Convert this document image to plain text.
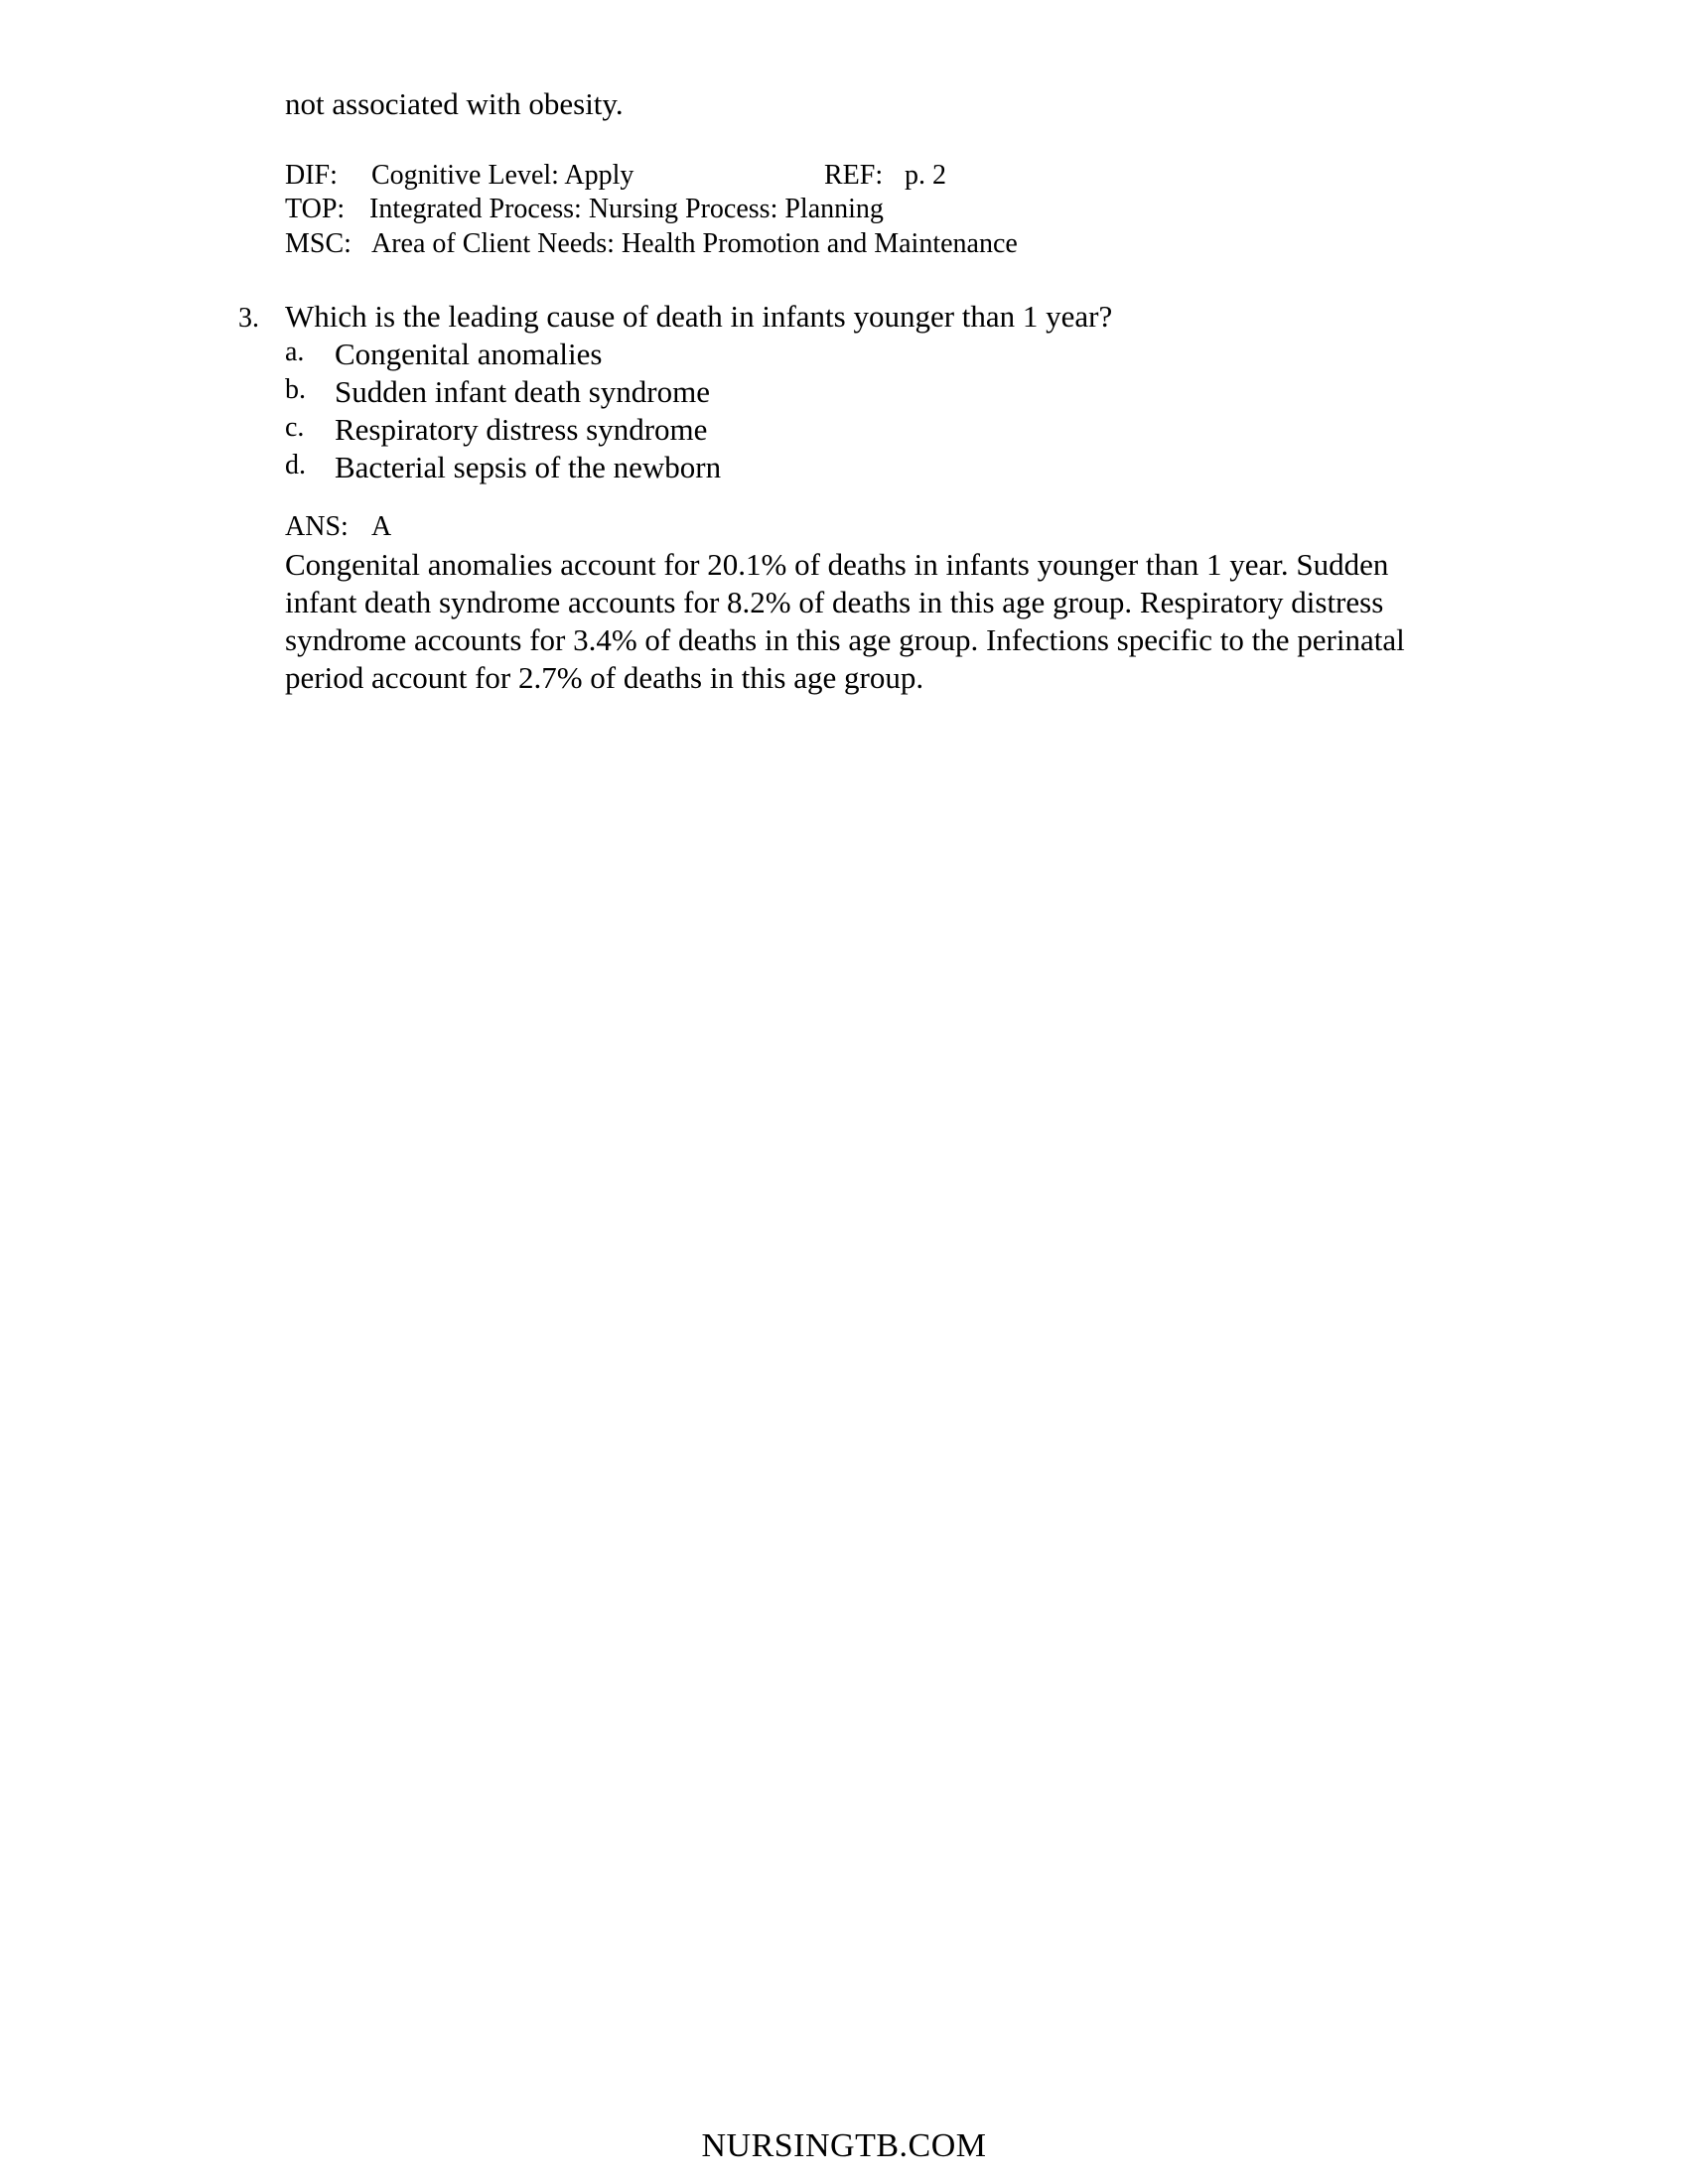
not associated with obesity.
DIF: Cognitive Level: Apply	REF: p. 2
TOP: Integrated Process: Nursing Process: Planning
MSC: Area of Client Needs: Health Promotion and Maintenance
3. Which is the leading cause of death in infants younger than 1 year?
a. Congenital anomalies
b. Sudden infant death syndrome
c. Respiratory distress syndrome
d. Bacterial sepsis of the newborn
ANS: A
Congenital anomalies account for 20.1% of deaths in infants younger than 1 year. Sudden
infant death syndrome accounts for 8.2% of deaths in this age group. Respiratory distress
syndrome accounts for 3.4% of deaths in this age group. Infections specific to the perinatal
period account for 2.7% of deaths in this age group.
NURSINGTB.COM
